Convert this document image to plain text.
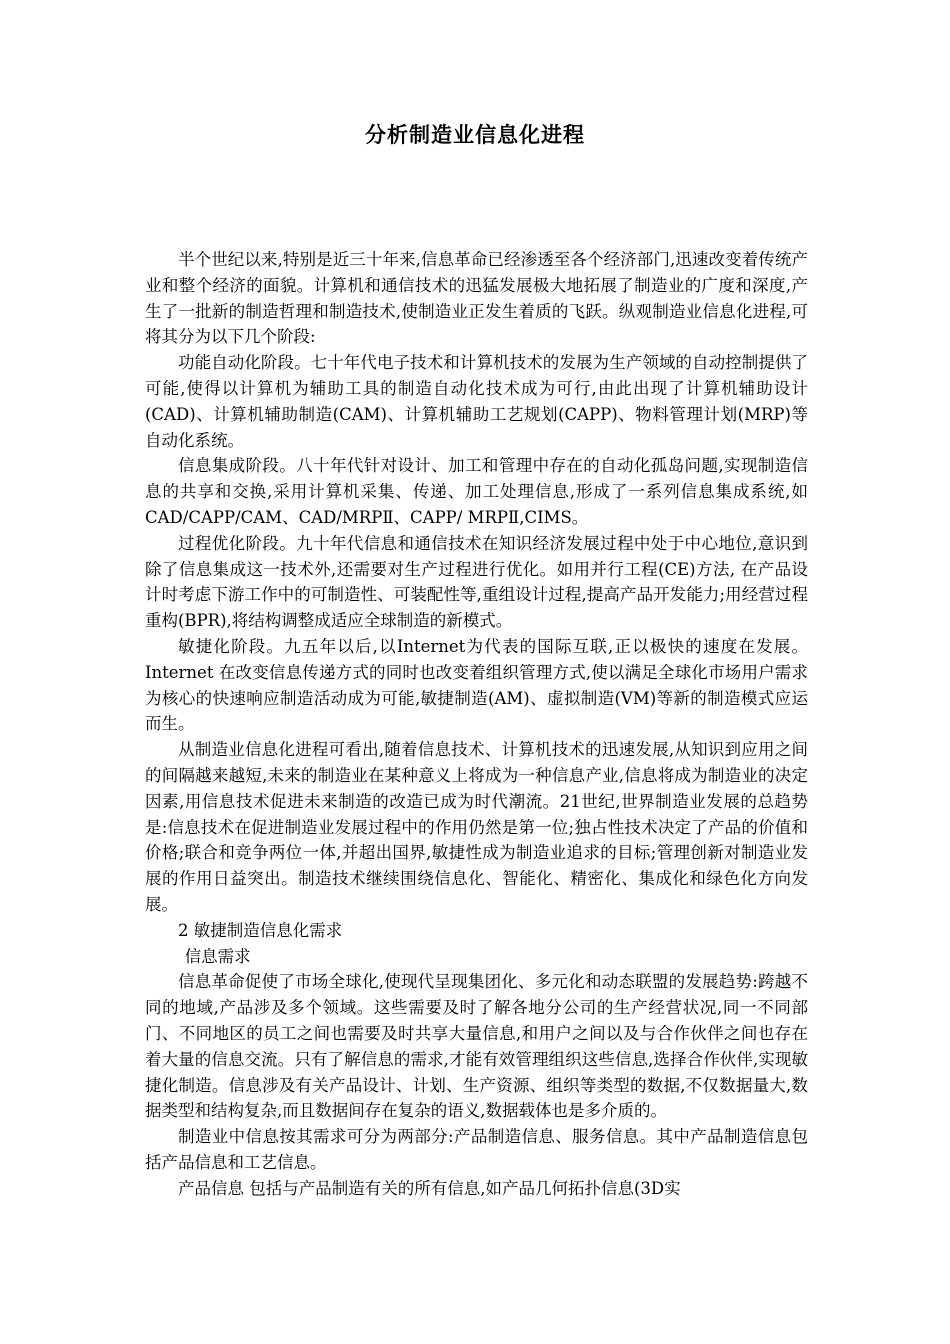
分析制造业信息化进程

半个世纪以来,特别是近三十年来,信息革命已经渗透至各个经济部门,迅速改变着传统产业和整个经济的面貌。计算机和通信技术的迅猛发展极大地拓展了制造业的广度和深度,产生了一批新的制造哲理和制造技术,使制造业正发生着质的飞跃。纵观制造业信息化进程,可将其分为以下几个阶段:

功能自动化阶段。七十年代电子技术和计算机技术的发展为生产领域的自动控制提供了可能,使得以计算机为辅助工具的制造自动化技术成为可行,由此出现了计算机辅助设计(CAD)、计算机辅助制造(CAM)、计算机辅助工艺规划(CAPP)、物料管理计划(MRP)等自动化系统。

信息集成阶段。八十年代针对设计、加工和管理中存在的自动化孤岛问题,实现制造信息的共享和交换,采用计算机采集、传递、加工处理信息,形成了一系列信息集成系统,如CAD/CAPP/CAM、CAD/MRPⅡ、CAPP/ MRPⅡ,CIMS。

过程优化阶段。九十年代信息和通信技术在知识经济发展过程中处于中心地位,意识到除了信息集成这一技术外,还需要对生产过程进行优化。如用并行工程(CE)方法, 在产品设计时考虑下游工作中的可制造性、可装配性等,重组设计过程,提高产品开发能力;用经营过程重构(BPR),将结构调整成适应全球制造的新模式。

敏捷化阶段。九五年以后,以Internet为代表的国际互联,正以极快的速度在发展。Internet 在改变信息传递方式的同时也改变着组织管理方式,使以满足全球化市场用户需求为核心的快速响应制造活动成为可能,敏捷制造(AM)、虚拟制造(VM)等新的制造模式应运而生。

从制造业信息化进程可看出,随着信息技术、计算机技术的迅速发展,从知识到应用之间的间隔越来越短,未来的制造业在某种意义上将成为一种信息产业,信息将成为制造业的决定因素,用信息技术促进未来制造的改造已成为时代潮流。21世纪,世界制造业发展的总趋势是:信息技术在促进制造业发展过程中的作用仍然是第一位;独占性技术决定了产品的价值和价格;联合和竞争两位一体,并超出国界,敏捷性成为制造业追求的目标;管理创新对制造业发展的作用日益突出。制造技术继续围绕信息化、智能化、精密化、集成化和绿色化方向发展。

2 敏捷制造信息化需求

信息需求

信息革命促使了市场全球化,使现代呈现集团化、多元化和动态联盟的发展趋势:跨越不同的地域,产品涉及多个领域。这些需要及时了解各地分公司的生产经营状况,同一不同部门、不同地区的员工之间也需要及时共享大量信息,和用户之间以及与合作伙伴之间也存在着大量的信息交流。只有了解信息的需求,才能有效管理组织这些信息,选择合作伙伴,实现敏捷化制造。信息涉及有关产品设计、计划、生产资源、组织等类型的数据,不仅数据量大,数据类型和结构复杂,而且数据间存在复杂的语义,数据载体也是多介质的。

制造业中信息按其需求可分为两部分:产品制造信息、服务信息。其中产品制造信息包括产品信息和工艺信息。

产品信息 包括与产品制造有关的所有信息,如产品几何拓扑信息(3D实
